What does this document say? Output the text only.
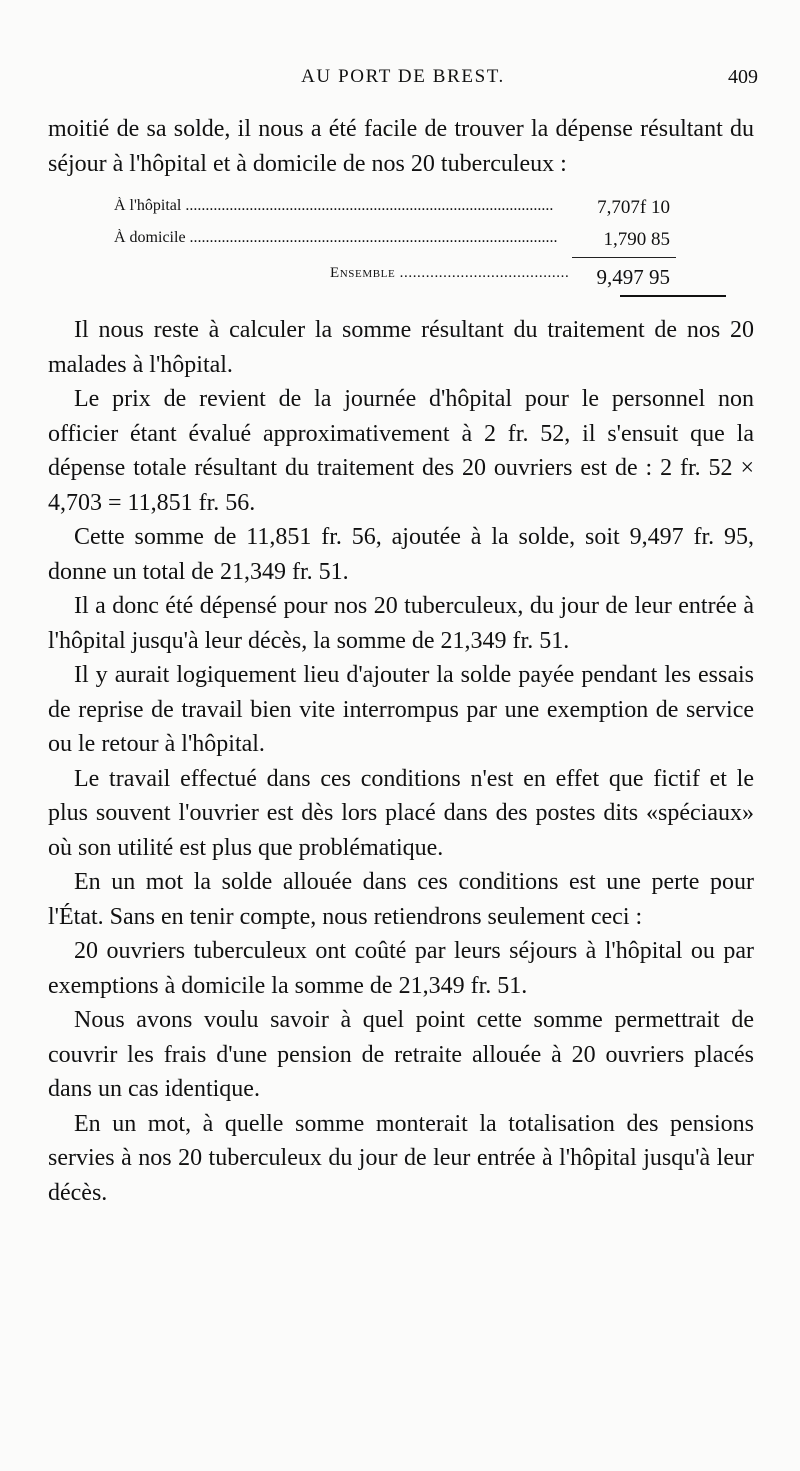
AU PORT DE BREST.	409

moitié de sa solde, il nous a été facile de trouver la dépense résultant du séjour à l'hôpital et à domicile de nos 20 tuberculeux :

À l'hôpital .....	7,707f 10
À domicile .....	1,790 85
Ensemble .....	9,497 95

Il nous reste à calculer la somme résultant du traitement de nos 20 malades à l'hôpital.

Le prix de revient de la journée d'hôpital pour le personnel non officier étant évalué approximativement à 2 fr. 52, il s'ensuit que la dépense totale résultant du traitement des 20 ouvriers est de : 2 fr. 52 × 4,703 = 11,851 fr. 56.

Cette somme de 11,851 fr. 56, ajoutée à la solde, soit 9,497 fr. 95, donne un total de 21,349 fr. 51.

Il a donc été dépensé pour nos 20 tuberculeux, du jour de leur entrée à l'hôpital jusqu'à leur décès, la somme de 21,349 fr. 51.

Il y aurait logiquement lieu d'ajouter la solde payée pendant les essais de reprise de travail bien vite interrompus par une exemption de service ou le retour à l'hôpital.

Le travail effectué dans ces conditions n'est en effet que fictif et le plus souvent l'ouvrier est dès lors placé dans des postes dits «spéciaux» où son utilité est plus que problématique.

En un mot la solde allouée dans ces conditions est une perte pour l'État. Sans en tenir compte, nous retiendrons seulement ceci :

20 ouvriers tuberculeux ont coûté par leurs séjours à l'hôpital ou par exemptions à domicile la somme de 21,349 fr. 51.

Nous avons voulu savoir à quel point cette somme permettrait de couvrir les frais d'une pension de retraite allouée à 20 ouvriers placés dans un cas identique.

En un mot, à quelle somme monterait la totalisation des pensions servies à nos 20 tuberculeux du jour de leur entrée à l'hôpital jusqu'à leur décès.
